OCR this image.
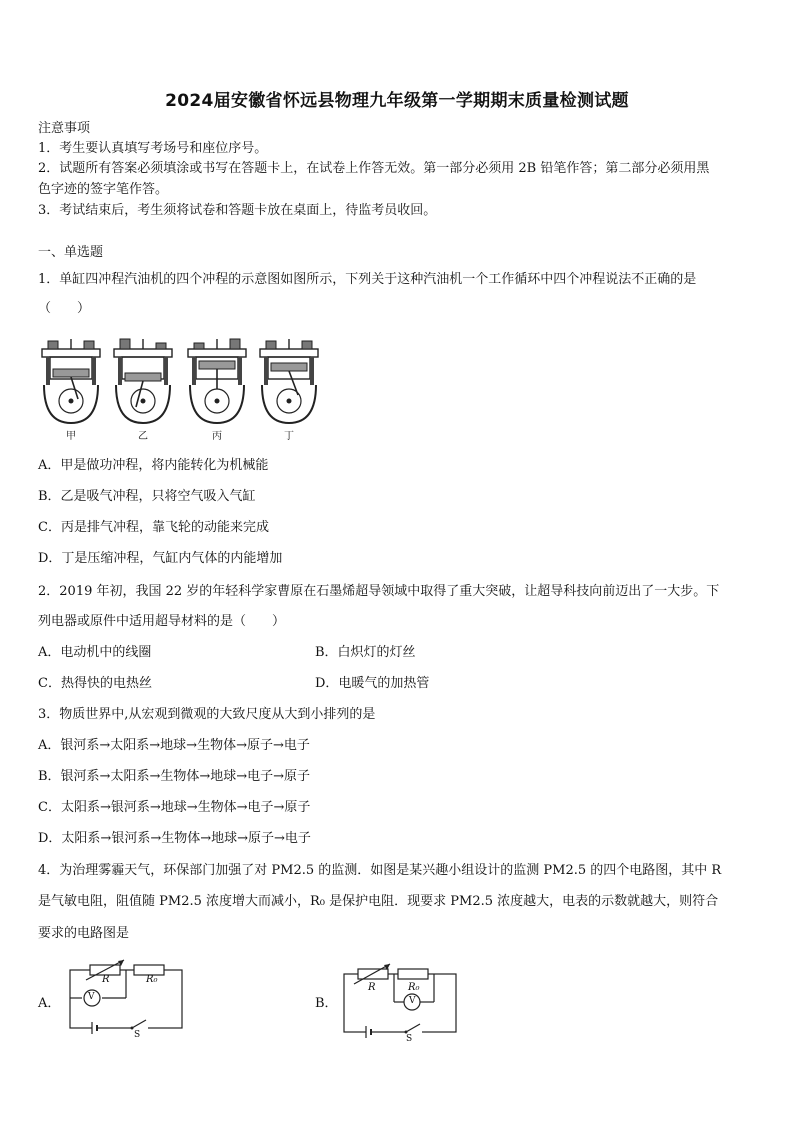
2024届安徽省怀远县物理九年级第一学期期末质量检测试题
注意事项
1．考生要认真填写考场号和座位序号。
2．试题所有答案必须填涂或书写在答题卡上，在试卷上作答无效。第一部分必须用 2B 铅笔作答；第二部分必须用黑
色字迹的签字笔作答。
3．考试结束后，考生须将试卷和答题卡放在桌面上，待监考员收回。
一、单选题
1．单缸四冲程汽油机的四个冲程的示意图如图所示，下列关于这种汽油机一个工作循环中四个冲程说法不正确的是
（　　）
甲	乙	丙	丁
A．甲是做功冲程，将内能转化为机械能
B．乙是吸气冲程，只将空气吸入气缸
C．丙是排气冲程，靠飞轮的动能来完成
D．丁是压缩冲程，气缸内气体的内能增加
2．2019 年初，我国 22 岁的年轻科学家曹原在石墨烯超导领域中取得了重大突破，让超导科技向前迈出了一大步。下
列电器或原件中适用超导材料的是（　　）
A．电动机中的线圈	B．白炽灯的灯丝
C．热得快的电热丝	D．电暖气的加热管
3．物质世界中,从宏观到微观的大致尺度从大到小排列的是
A．银河系→太阳系→地球→生物体→原子→电子
B．银河系→太阳系→生物体→地球→电子→原子
C．太阳系→银河系→地球→生物体→电子→原子
D．太阳系→银河系→生物体→地球→原子→电子
4．为治理雾霾天气，环保部门加强了对 PM2.5 的监测．如图是某兴趣小组设计的监测 PM2.5 的四个电路图，其中 R
是气敏电阻，阻值随 PM2.5 浓度增大而减小，R₀ 是保护电阻．现要求 PM2.5 浓度越大，电表的示数就越大，则符合
要求的电路图是
A．
R	R₀
V
S
B．
R	R₀
V
S
